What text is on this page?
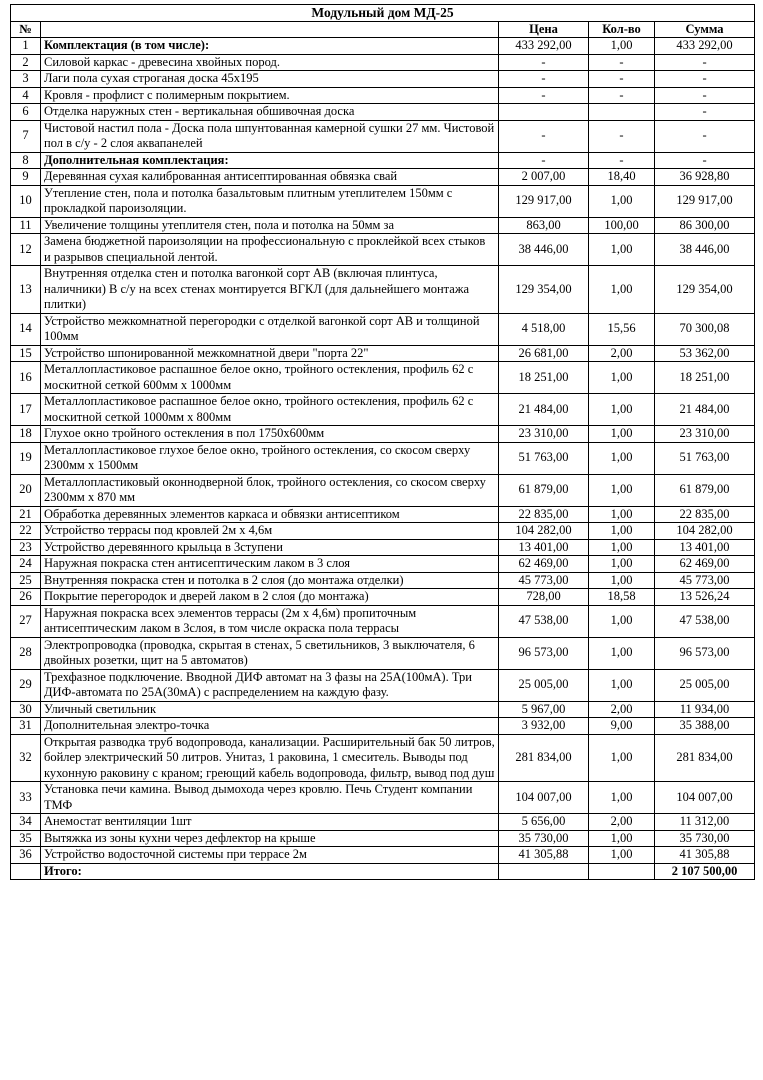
Модульный дом МД-25				
№		Цена	Кол-во	Сумма
1	Комплектация (в том числе):	433 292,00	1,00	433 292,00
2	Силовой каркас - древесина хвойных пород.	-	-	-
3	Лаги пола сухая строганая доска 45х195	-	-	-
4	Кровля - профлист с полимерным покрытием.	-	-	-
6	Отделка наружных стен - вертикальная обшивочная доска			-
7	Чистовой настил пола - Доска пола шпунтованная камерной сушки 27 мм. Чистовой пол в с/у - 2 слоя аквапанелей	-	-	-
8	Дополнительная комплектация:	-	-	-
9	Деревянная сухая калиброванная антисептированная обвязка свай	2 007,00	18,40	36 928,80
10	Утепление стен, пола и потолка базальтовым плитным утеплителем 150мм с прокладкой пароизоляции.	129 917,00	1,00	129 917,00
11	Увеличение толщины утеплителя стен, пола и потолка на 50мм за	863,00	100,00	86 300,00
12	Замена бюджетной пароизоляции на профессиональную с проклейкой всех стыков и разрывов специальной лентой.	38 446,00	1,00	38 446,00
13	Внутренняя отделка стен и потолка вагонкой сорт АВ (включая плинтуса, наличники) В с/у на всех стенах монтируется ВГКЛ (для дальнейшего монтажа плитки)	129 354,00	1,00	129 354,00
14	Устройство межкомнатной перегородки с отделкой вагонкой сорт АВ и толщиной 100мм	4 518,00	15,56	70 300,08
15	Устройство шпонированной межкомнатной двери "порта 22"	26 681,00	2,00	53 362,00
16	Металлопластиковое распашное белое окно, тройного остекления, профиль 62 с москитной сеткой 600мм х 1000мм	18 251,00	1,00	18 251,00
17	Металлопластиковое распашное белое окно, тройного остекления, профиль 62 с москитной сеткой 1000мм х 800мм	21 484,00	1,00	21 484,00
18	Глухое окно тройного остекления в пол 1750х600мм	23 310,00	1,00	23 310,00
19	Металлопластиковое глухое белое окно, тройного остекления, со скосом сверху 2300мм х 1500мм	51 763,00	1,00	51 763,00
20	Металлопластиковый оконнодверной блок, тройного остекления, со скосом сверху 2300мм х 870 мм	61 879,00	1,00	61 879,00
21	Обработка деревянных элементов каркаса и обвязки антисептиком	22 835,00	1,00	22 835,00
22	Устройство террасы под кровлей 2м х 4,6м	104 282,00	1,00	104 282,00
23	Устройство деревянного крыльца в 3ступени	13 401,00	1,00	13 401,00
24	Наружная покраска стен антисептическим лаком в 3 слоя	62 469,00	1,00	62 469,00
25	Внутренняя покраска стен и потолка в 2 слоя (до монтажа отделки)	45 773,00	1,00	45 773,00
26	Покрытие перегородок и дверей лаком в 2 слоя (до монтажа)	728,00	18,58	13 526,24
27	Наружная покраска всех элементов террасы (2м х 4,6м) пропиточным антисептическим лаком в 3слоя, в том числе окраска пола террасы	47 538,00	1,00	47 538,00
28	Электропроводка (проводка, скрытая в стенах, 5 светильников, 3 выключателя, 6 двойных розетки, щит на 5 автоматов)	96 573,00	1,00	96 573,00
29	Трехфазное подключение. Вводной ДИФ автомат на 3 фазы на 25А(100мА). Три ДИФ-автомата по 25А(30мА) с распределением на каждую фазу.	25 005,00	1,00	25 005,00
30	Уличный светильник	5 967,00	2,00	11 934,00
31	Дополнительная электро-точка	3 932,00	9,00	35 388,00
32	Открытая разводка труб водопровода, канализации. Расширительный бак 50 литров, бойлер электрический 50 литров. Унитаз, 1 раковина, 1 смеситель. Выводы под кухонную раковину с краном; греющий кабель водопровода, фильтр, вывод под душ	281 834,00	1,00	281 834,00
33	Установка печи камина. Вывод дымохода через кровлю. Печь Студент компании ТМФ	104 007,00	1,00	104 007,00
34	Анемостат вентиляции 1шт	5 656,00	2,00	11 312,00
35	Вытяжка из зоны кухни через дефлектор на крыше	35 730,00	1,00	35 730,00
36	Устройство водосточной системы при террасе 2м	41 305,88	1,00	41 305,88
	Итого:			2 107 500,00
